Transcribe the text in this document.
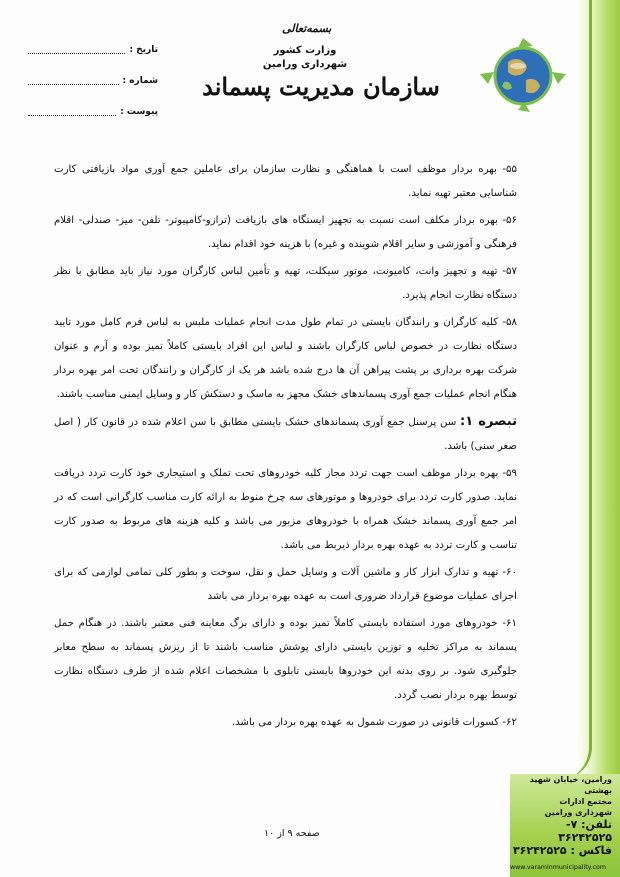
تاریخ :
شماره :
پیوست :
بسمه‌تعالی
وزارت کشور
شهرداری ورامین
سازمان مدیریت پسماند

۵۵- بهره بردار موظف است با هماهنگی و نظارت سازمان برای عاملین جمع آوری مواد بازیافتی کارت شناسایی معتبر تهیه نماید.

۵۶- بهره بردار مکلف است نسبت به تجهیز ایستگاه های بازیافت (ترازو-کامپیوتر- تلفن- میز- صندلی- اقلام فرهنگی و آموزشی و سایر اقلام شوینده و غیره) با هزینه خود اقدام نماید.

۵۷- تهیه و تجهیز وانت، کامیونت، موتور سیکلت، تهیه و تأمین لباس کارگران مورد نیاز باید مطابق با نظر دستگاه نظارت انجام پذیرد.

۵۸- کلیه کارگران و رانندگان بایستی در تمام طول مدت انجام عملیات ملبس به لباس فرم کامل مورد تایید دستگاه نظارت در خصوص لباس کارگران باشند و لباس این افراد بایستی کاملاً تمیز بوده و آرم و عنوان شرکت بهره برداری بر پشت پیراهن آن ها درج شده باشد هر یک از کارگران و رانندگان تحت امر بهره بردار هنگام انجام عملیات جمع آوری پسماندهای خشک مجهز به ماسک و دستکش کار و وسایل ایمنی مناسب باشند.

تبصره ۱: سن پرسنل جمع آوری پسماندهای خشک بایستی مطابق با سن اعلام شده در قانون کار ( اصل صغر سنی) باشد.

۵۹- بهره بردار موظف است جهت تردد مجاز کلیه خودروهای تحت تملک و استیجاری خود کارت تردد دریافت نماید. صدور کارت تردد برای خودروها و موتورهای سه چرخ منوط به ارائه کارت مناسب کارگرانی است که در امر جمع آوری پسماند خشک همراه با خودروهای مزبور می باشد و کلیه هزینه های مربوط به صدور کارت تناسب و کارت تردد به عهده بهره بردار ذیربط می باشد.

۶۰- تهیه و تدارک ابزار کار و ماشین آلات و وسایل حمل و نقل، سوخت و بطور کلی تمامی لوازمی که برای اجرای عملیات موضوع قرارداد ضروری است به عهده بهره بردار می باشد

۶۱- خودروهای مورد استفاده بایستی کاملاً تمیز بوده و دارای برگ معاینه فنی معتبر باشند. در هنگام حمل پسماند به مراکز تخلیه و توزین بایستی دارای پوشش مناسب باشند تا از ریزش پسماند به سطح معابر جلوگیری شود. بر روی بدنه این خودروها بایستی تابلوی با مشخصات اعلام شده از طرف دستگاه نظارت توسط بهره بردار نصب گردد.

۶۲- کسورات قانونی در صورت شمول به عهده بهره بردار می باشد.

صفحه ۹ از ۱۰
ورامین، خیابان شهید بهشتی
مجتمع ادارات
شهرداری ورامین
تلفن: ۷- ۳۶۲۴۲۵۲۵
فاکس : ۳۶۲۴۲۵۲۵
www.varaminmunicipality.com
